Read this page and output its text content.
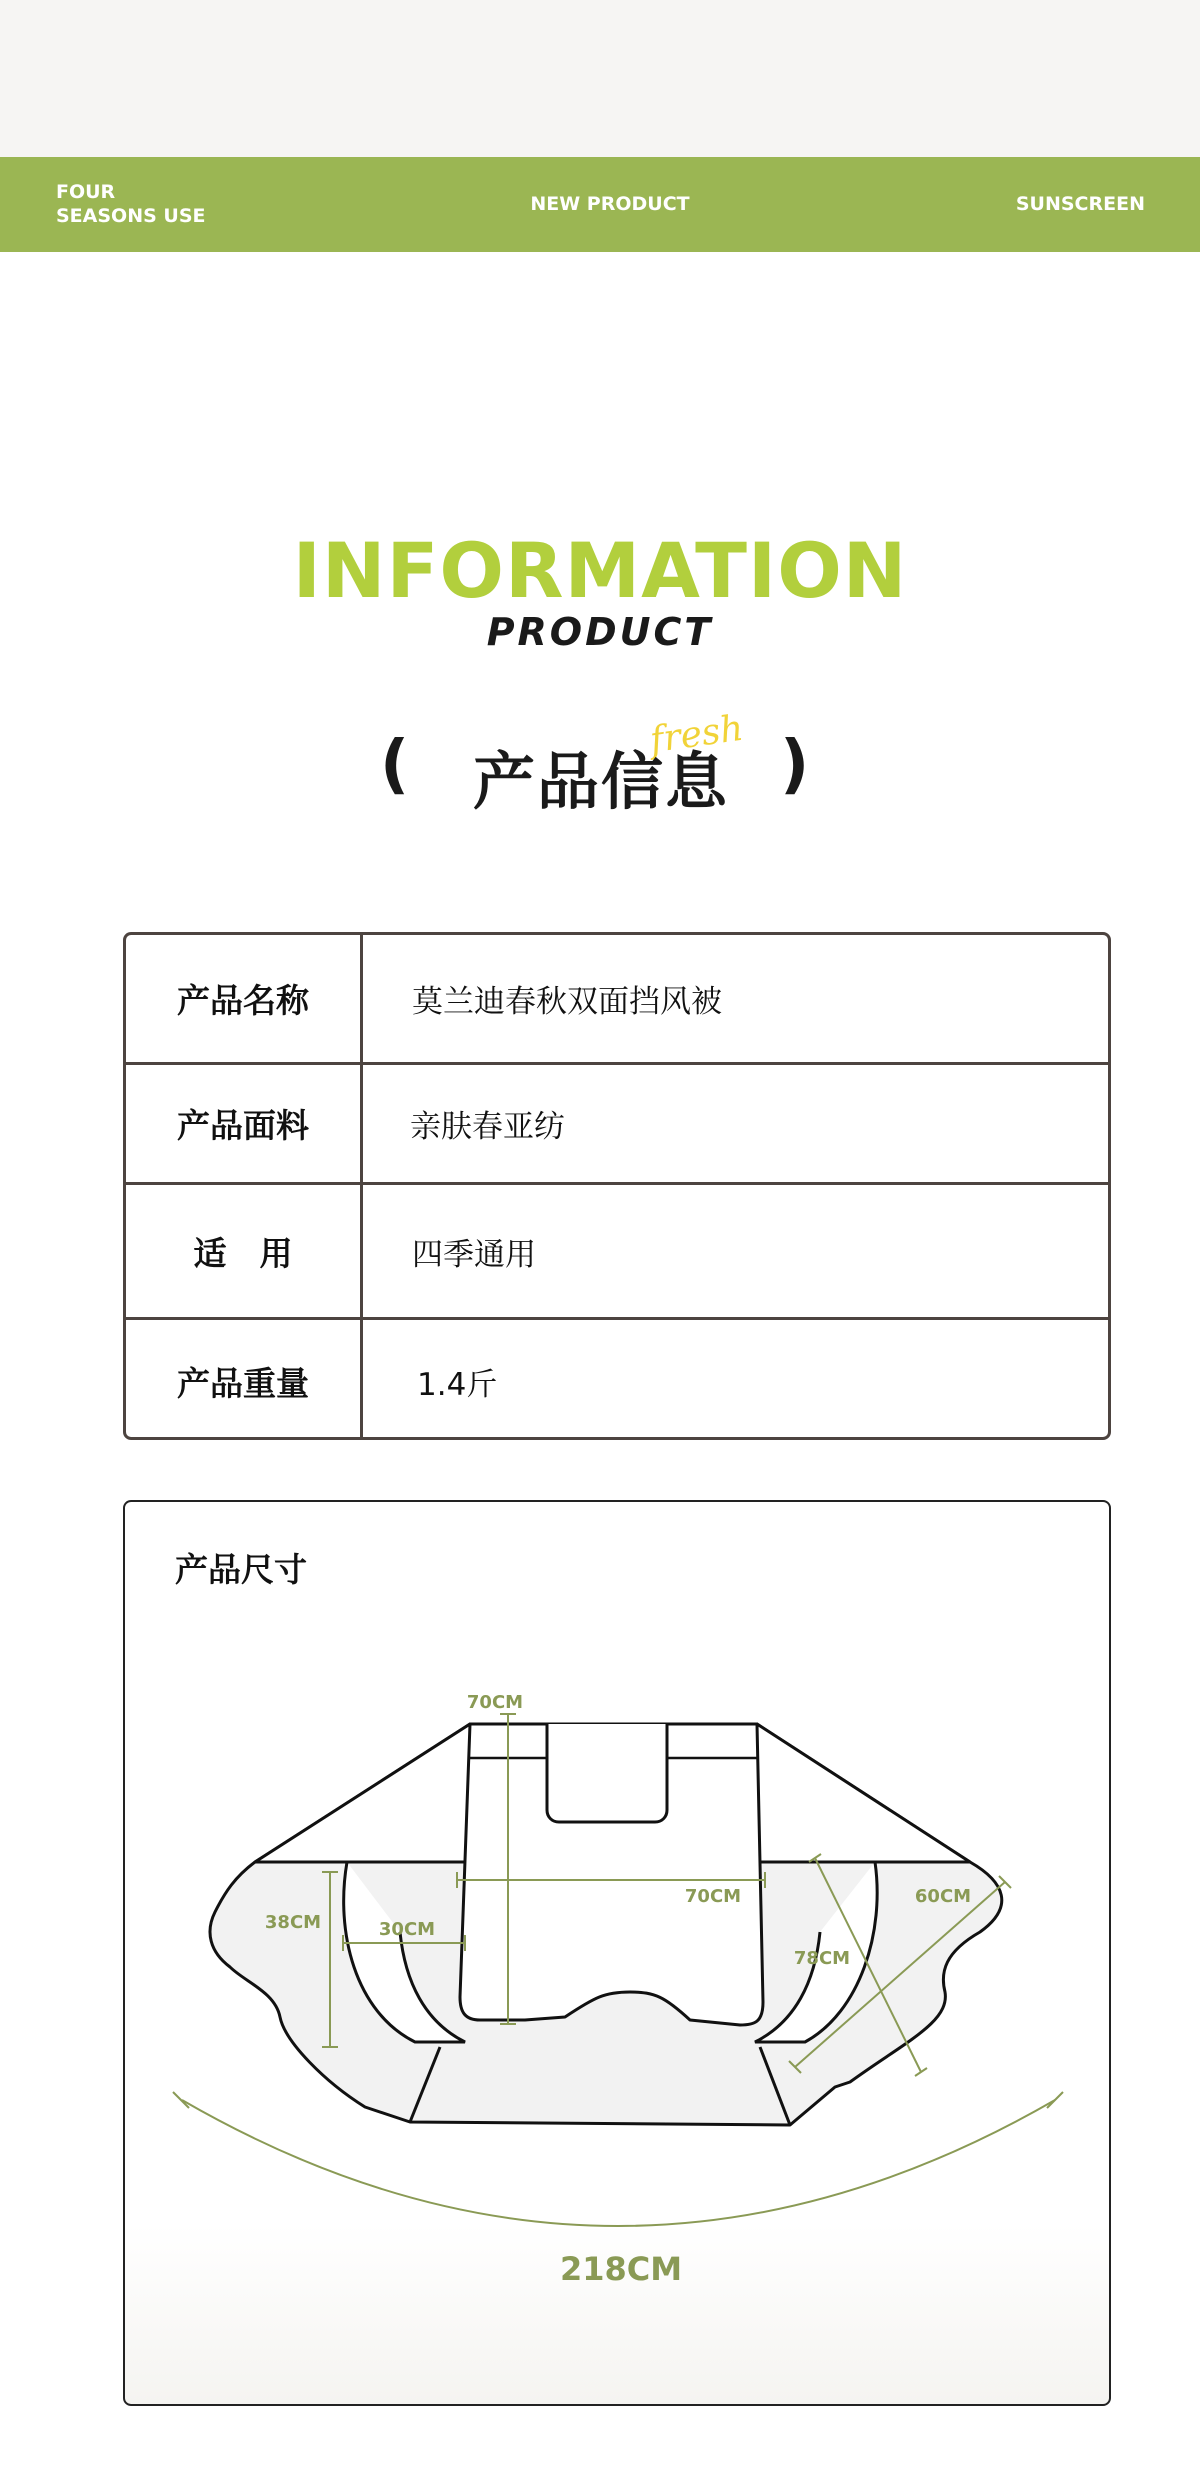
FOUR
SEASONS USE
NEW PRODUCT	SUNSCREEN
INFORMATION
PRODUCT
(	fresh
产品信息 )
产品名称	莫兰迪春秋双面挡风被
产品面料	亲肤春亚纺
适　用	四季通用
产品重量	1.4斤
产品尺寸
70CM
70CM
38CM	30CM
78CM
60CM
218CM
